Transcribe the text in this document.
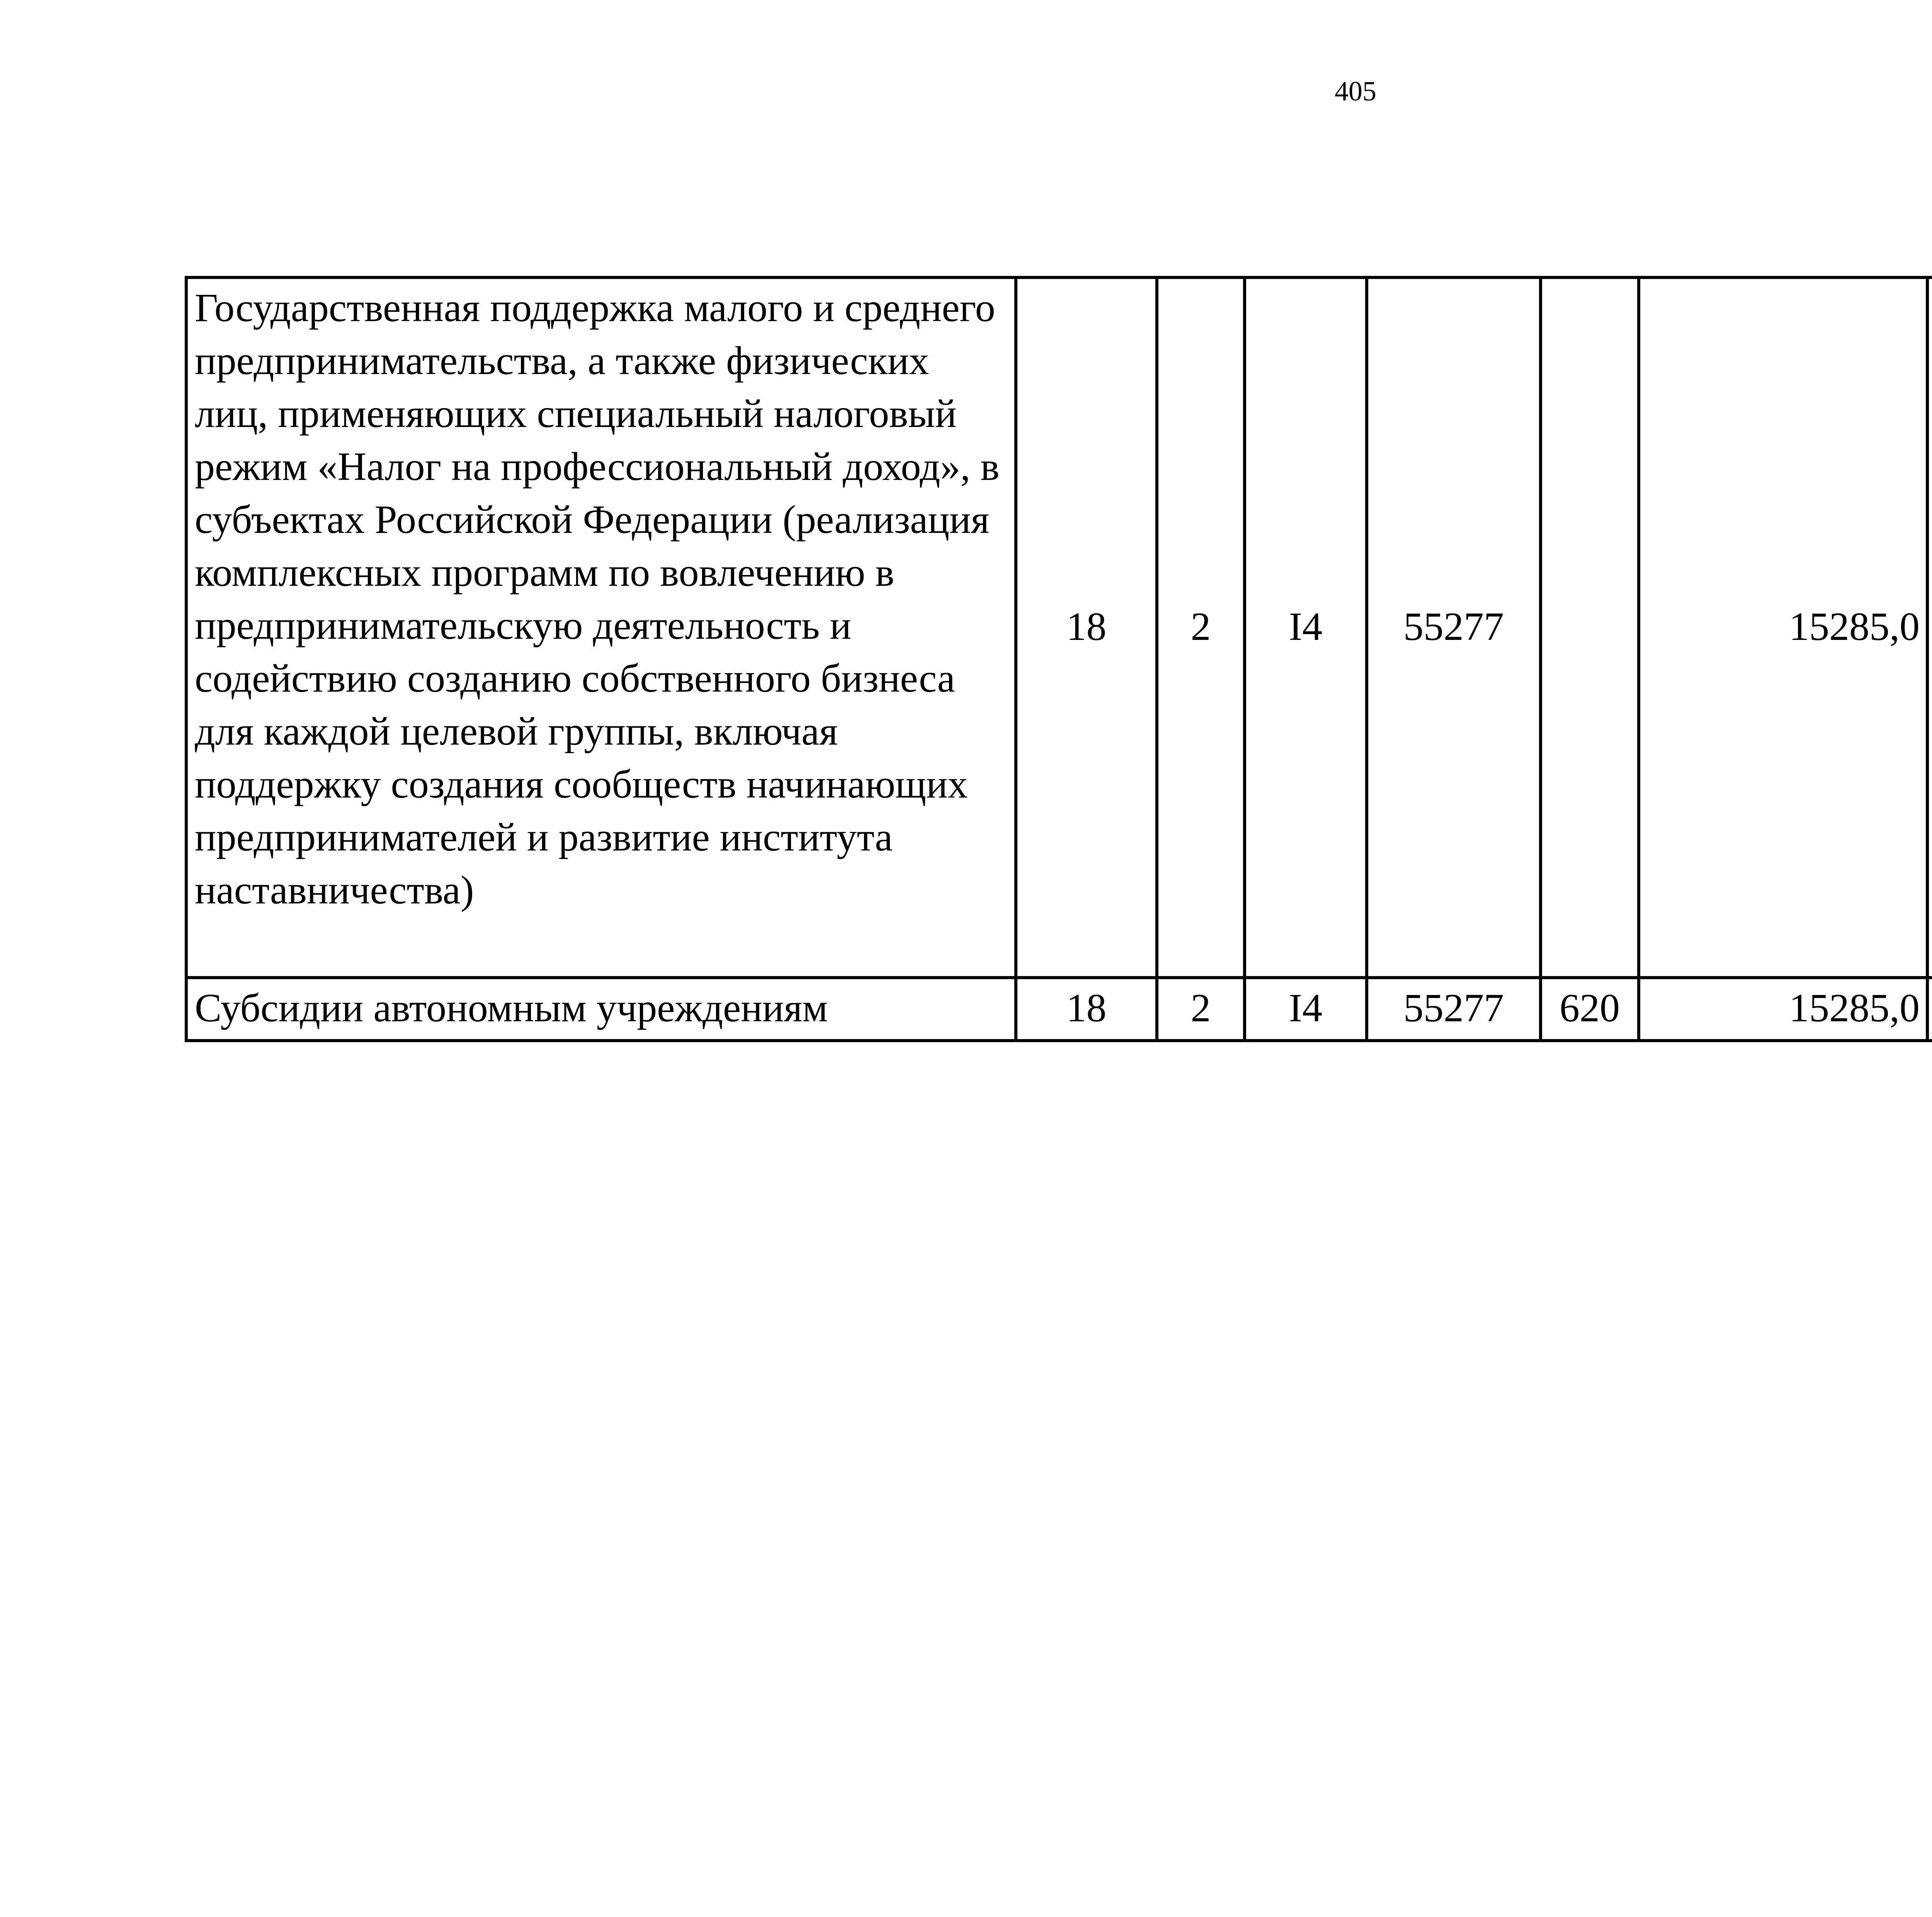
405
Государственная поддержка малого и среднего предпринимательства, а также физических лиц, применяющих специальный налоговый режим «Налог на профессиональный доход», в субъектах Российской Федерации (реализация комплексных программ по вовлечению в предпринимательскую деятельность и содействию созданию собственного бизнеса для каждой целевой группы, включая поддержку создания сообществ начинающих предпринимателей и развитие института наставничества)	18	2	I4	55277		15285,0		
Субсидии автономным учреждениям	18	2	I4	55277	620	15285,0		
